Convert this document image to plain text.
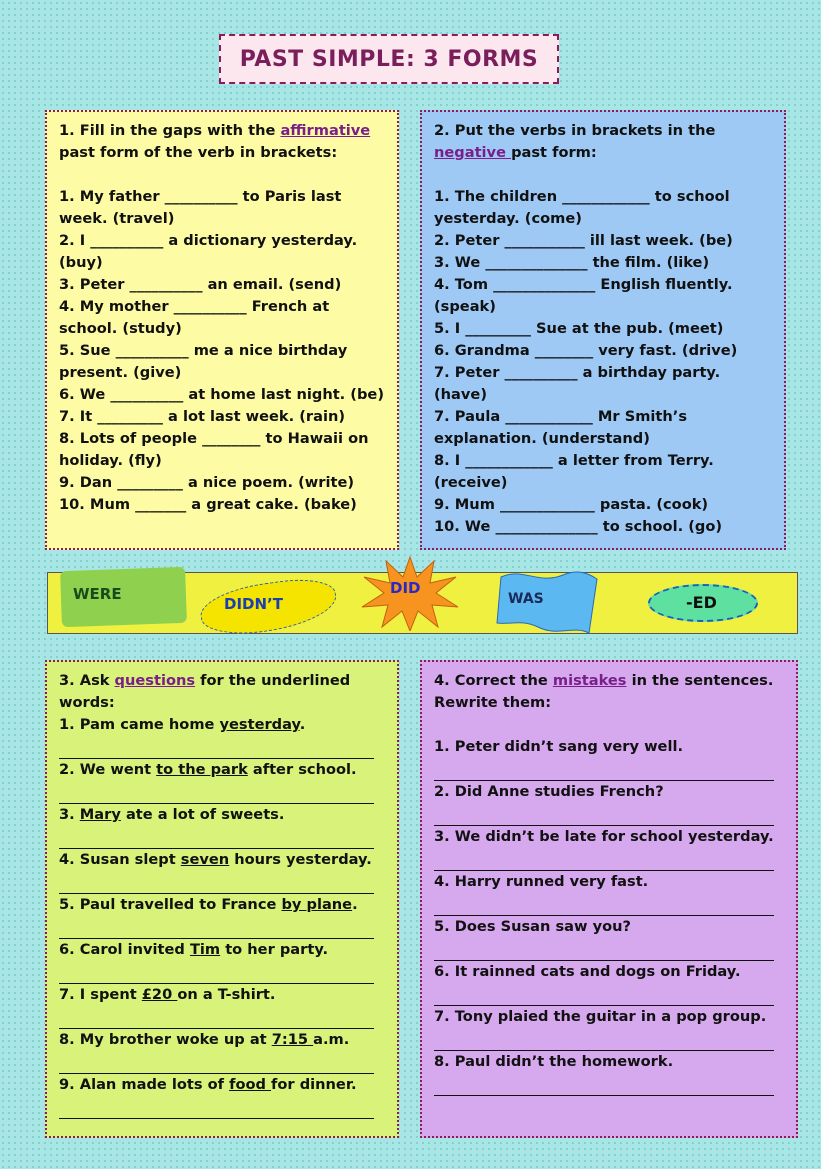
PAST SIMPLE: 3 FORMS

1. Fill in the gaps with the affirmative past form of the verb in brackets:

1. My father __________ to Paris last week. (travel)

2. I __________ a dictionary yesterday. (buy)

3. Peter __________ an email. (send)

4. My mother __________ French at school. (study)

5. Sue __________ me a nice birthday present. (give)

6. We __________ at home last night. (be)

7. It _________ a lot last week. (rain)

8. Lots of people ________ to Hawaii on holiday. (fly)

9. Dan _________ a nice poem. (write)

10. Mum _______ a great cake. (bake)

2. Put the verbs in brackets in the negative past form:

1. The children ____________ to school yesterday. (come)

2. Peter ___________ ill last week. (be)

3. We ______________ the film. (like)

4. Tom ______________ English fluently. (speak)

5. I _________ Sue at the pub. (meet)

6. Grandma ________ very fast. (drive)

7. Peter __________ a birthday party. (have)

7. Paula ____________ Mr Smith’s explanation. (understand)

8. I ____________ a letter from Terry. (receive)

9. Mum _____________ pasta. (cook)

10. We ______________ to school. (go)

WERE
DIDN’T
DID
WAS	-ED

3. Ask questions for the underlined words:

1. Pam came home yesterday.

2. We went to the park after school.

3. Mary ate a lot of sweets.

4. Susan slept seven hours yesterday.

5. Paul travelled to France by plane.

6. Carol invited Tim to her party.

7. I spent £20 on a T-shirt.

8. My brother woke up at 7:15 a.m.

9. Alan made lots of food for dinner.

4. Correct the mistakes in the sentences. Rewrite them:

1. Peter didn’t sang very well.

2. Did Anne studies French?

3. We didn’t be late for school yesterday.

4. Harry runned very fast.

5. Does Susan saw you?

6. It rainned cats and dogs on Friday.

7. Tony plaied the guitar in a pop group.

8. Paul didn’t the homework.
